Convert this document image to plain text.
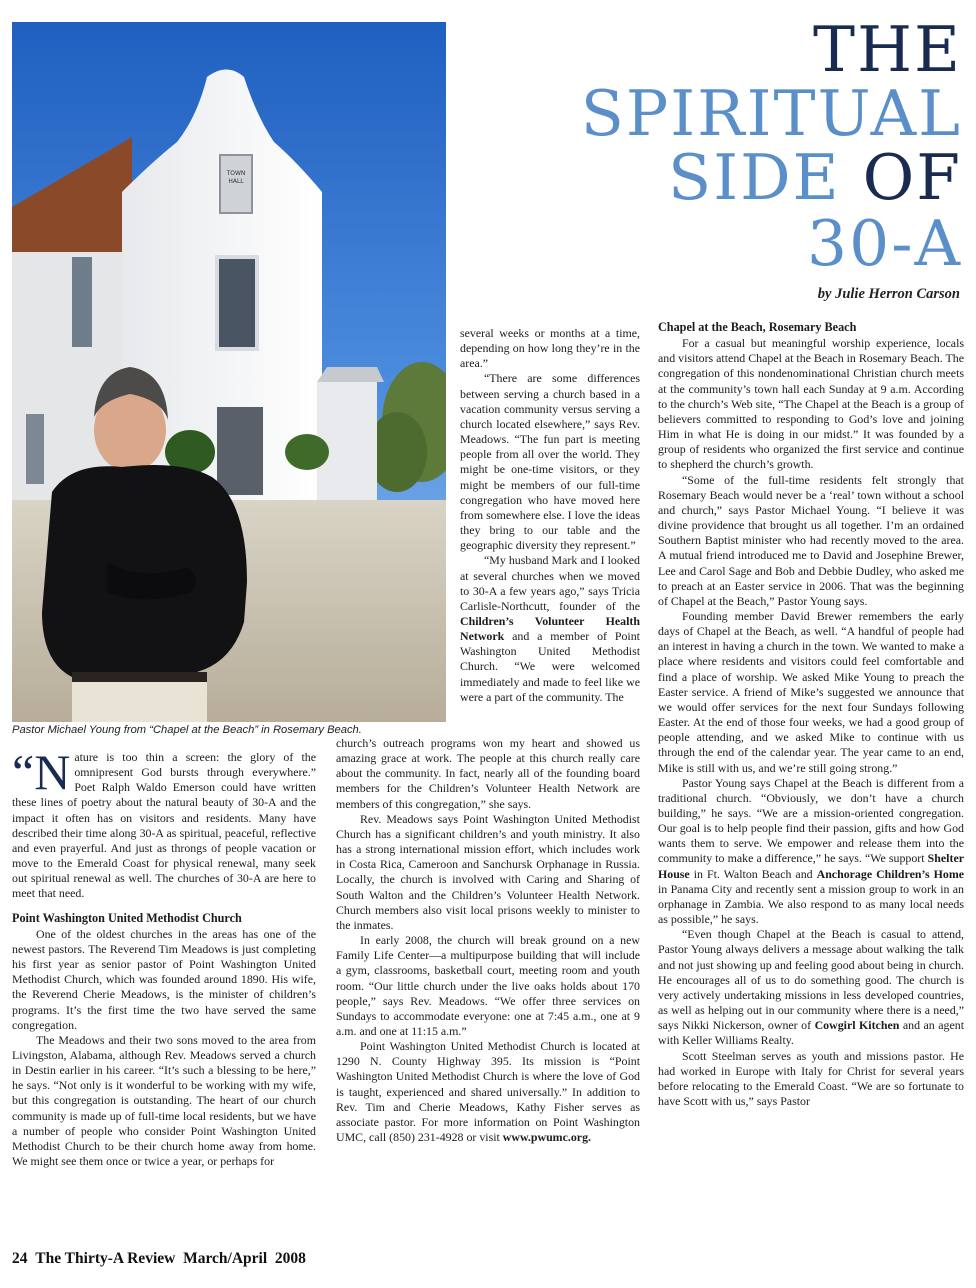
TOWN HALL
Pastor Michael Young from “Chapel at the Beach” in Rosemary Beach.
THE
SPIRITUAL
SIDE OF
30-A
by Julie Herron Carson

“Nature is too thin a screen: the glory of the omnipresent God bursts through everywhere.” Poet Ralph Waldo Emerson could have written these lines of poetry about the natural beauty of 30-A and the impact it often has on visitors and residents. Many have described their time along 30-A as spiritual, peaceful, reflective and even prayerful. And just as throngs of people vacation or move to the Emerald Coast for physical renewal, many seek out spiritual renewal as well. The churches of 30-A are here to meet that need.

Point Washington United Methodist Church

One of the oldest churches in the areas has one of the newest pastors. The Reverend Tim Meadows is just completing his first year as senior pastor of Point Washington United Methodist Church, which was founded around 1890. His wife, the Reverend Cherie Meadows, is the minister of children’s programs. It’s the first time the two have served the same congregation.

The Meadows and their two sons moved to the area from Livingston, Alabama, although Rev. Meadows served a church in Destin earlier in his career. “It’s such a blessing to be here,” he says. “Not only is it wonderful to be working with my wife, but this congregation is outstanding. The heart of our church community is made up of full-time local residents, but we have a number of people who consider Point Washington United Methodist Church to be their church home away from home. We might see them once or twice a year, or perhaps for

several weeks or months at a time, depending on how long they’re in the area.”

“There are some differences between serving a church based in a vacation community versus serving a church located elsewhere,” says Rev. Meadows. “The fun part is meeting people from all over the world. They might be one-time visitors, or they might be members of our full-time congregation who have moved here from somewhere else. I love the ideas they bring to our table and the geographic diversity they represent.”

“My husband Mark and I looked at several churches when we moved to 30-A a few years ago,” says Tricia Carlisle-Northcutt, founder of the Children’s Volunteer Health Network and a member of Point Washington United Methodist Church. “We were welcomed immediately and made to feel like we were a part of the community. The

church’s outreach programs won my heart and showed us amazing grace at work. The people at this church really care about the community. In fact, nearly all of the founding board members for the Children’s Volunteer Health Network are members of this congregation,” she says.

Rev. Meadows says Point Washington United Methodist Church has a significant children’s and youth ministry. It also has a strong international mission effort, which includes work in Costa Rica, Cameroon and Sanchursk Orphanage in Russia. Locally, the church is involved with Caring and Sharing of South Walton and the Children’s Volunteer Health Network. Church members also visit local prisons weekly to minister to the inmates.

In early 2008, the church will break ground on a new Family Life Center—a multipurpose building that will include a gym, classrooms, basketball court, meeting room and youth room. “Our little church under the live oaks holds about 170 people,” says Rev. Meadows. “We offer three services on Sundays to accommodate everyone: one at 7:45 a.m., one at 9 a.m. and one at 11:15 a.m.”

Point Washington United Methodist Church is located at 1290 N. County Highway 395. Its mission is “Point Washington United Methodist Church is where the love of God is taught, experienced and shared universally.” In addition to Rev. Tim and Cherie Meadows, Kathy Fisher serves as associate pastor. For more information on Point Washington UMC, call (850) 231-4928 or visit www.pwumc.org.

Chapel at the Beach, Rosemary Beach

For a casual but meaningful worship experience, locals and visitors attend Chapel at the Beach in Rosemary Beach. The congregation of this nondenominational Christian church meets at the community’s town hall each Sunday at 9 a.m. According to the church’s Web site, “The Chapel at the Beach is a group of believers committed to responding to God’s love and joining Him in what He is doing in our midst.” It was founded by a group of residents who organized the first service and continue to shepherd the church’s growth.

“Some of the full-time residents felt strongly that Rosemary Beach would never be a ‘real’ town without a school and church,” says Pastor Michael Young. “I believe it was divine providence that brought us all together. I’m an ordained Southern Baptist minister who had recently moved to the area. A mutual friend introduced me to David and Josephine Brewer, Lee and Carol Sage and Bob and Debbie Dudley, who asked me to preach at an Easter service in 2006. That was the beginning of Chapel at the Beach,” Pastor Young says.

Founding member David Brewer remembers the early days of Chapel at the Beach, as well. “A handful of people had an interest in having a church in the town. We wanted to make a place where residents and visitors could feel comfortable and find a place of worship. We asked Mike Young to preach the Easter service. A friend of Mike’s suggested we announce that we would offer services for the next four Sundays following Easter. At the end of those four weeks, we had a good group of people attending, and we asked Mike to continue with us through the end of the calendar year. The year came to an end, Mike is still with us, and we’re still going strong.”

Pastor Young says Chapel at the Beach is different from a traditional church. “Obviously, we don’t have a church building,” he says. “We are a mission-oriented congregation. Our goal is to help people find their passion, gifts and how God wants them to serve. We empower and release them into the community to make a difference,” he says. “We support Shelter House in Ft. Walton Beach and Anchorage Children’s Home in Panama City and recently sent a mission group to work in an orphanage in Zambia. We also respond to as many local needs as possible,” he says.

“Even though Chapel at the Beach is casual to attend, Pastor Young always delivers a message about walking the talk and not just showing up and feeling good about being in church. He encourages all of us to do something good. The church is very actively undertaking missions in less developed countries, as well as helping out in our community where there is a need,” says Nikki Nickerson, owner of Cowgirl Kitchen and an agent with Keller Williams Realty.

Scott Steelman serves as youth and missions pastor. He had worked in Europe with Italy for Christ for several years before relocating to the Emerald Coast. “We are so fortunate to have Scott with us,” says Pastor

24 The Thirty-A Review March/April 2008
